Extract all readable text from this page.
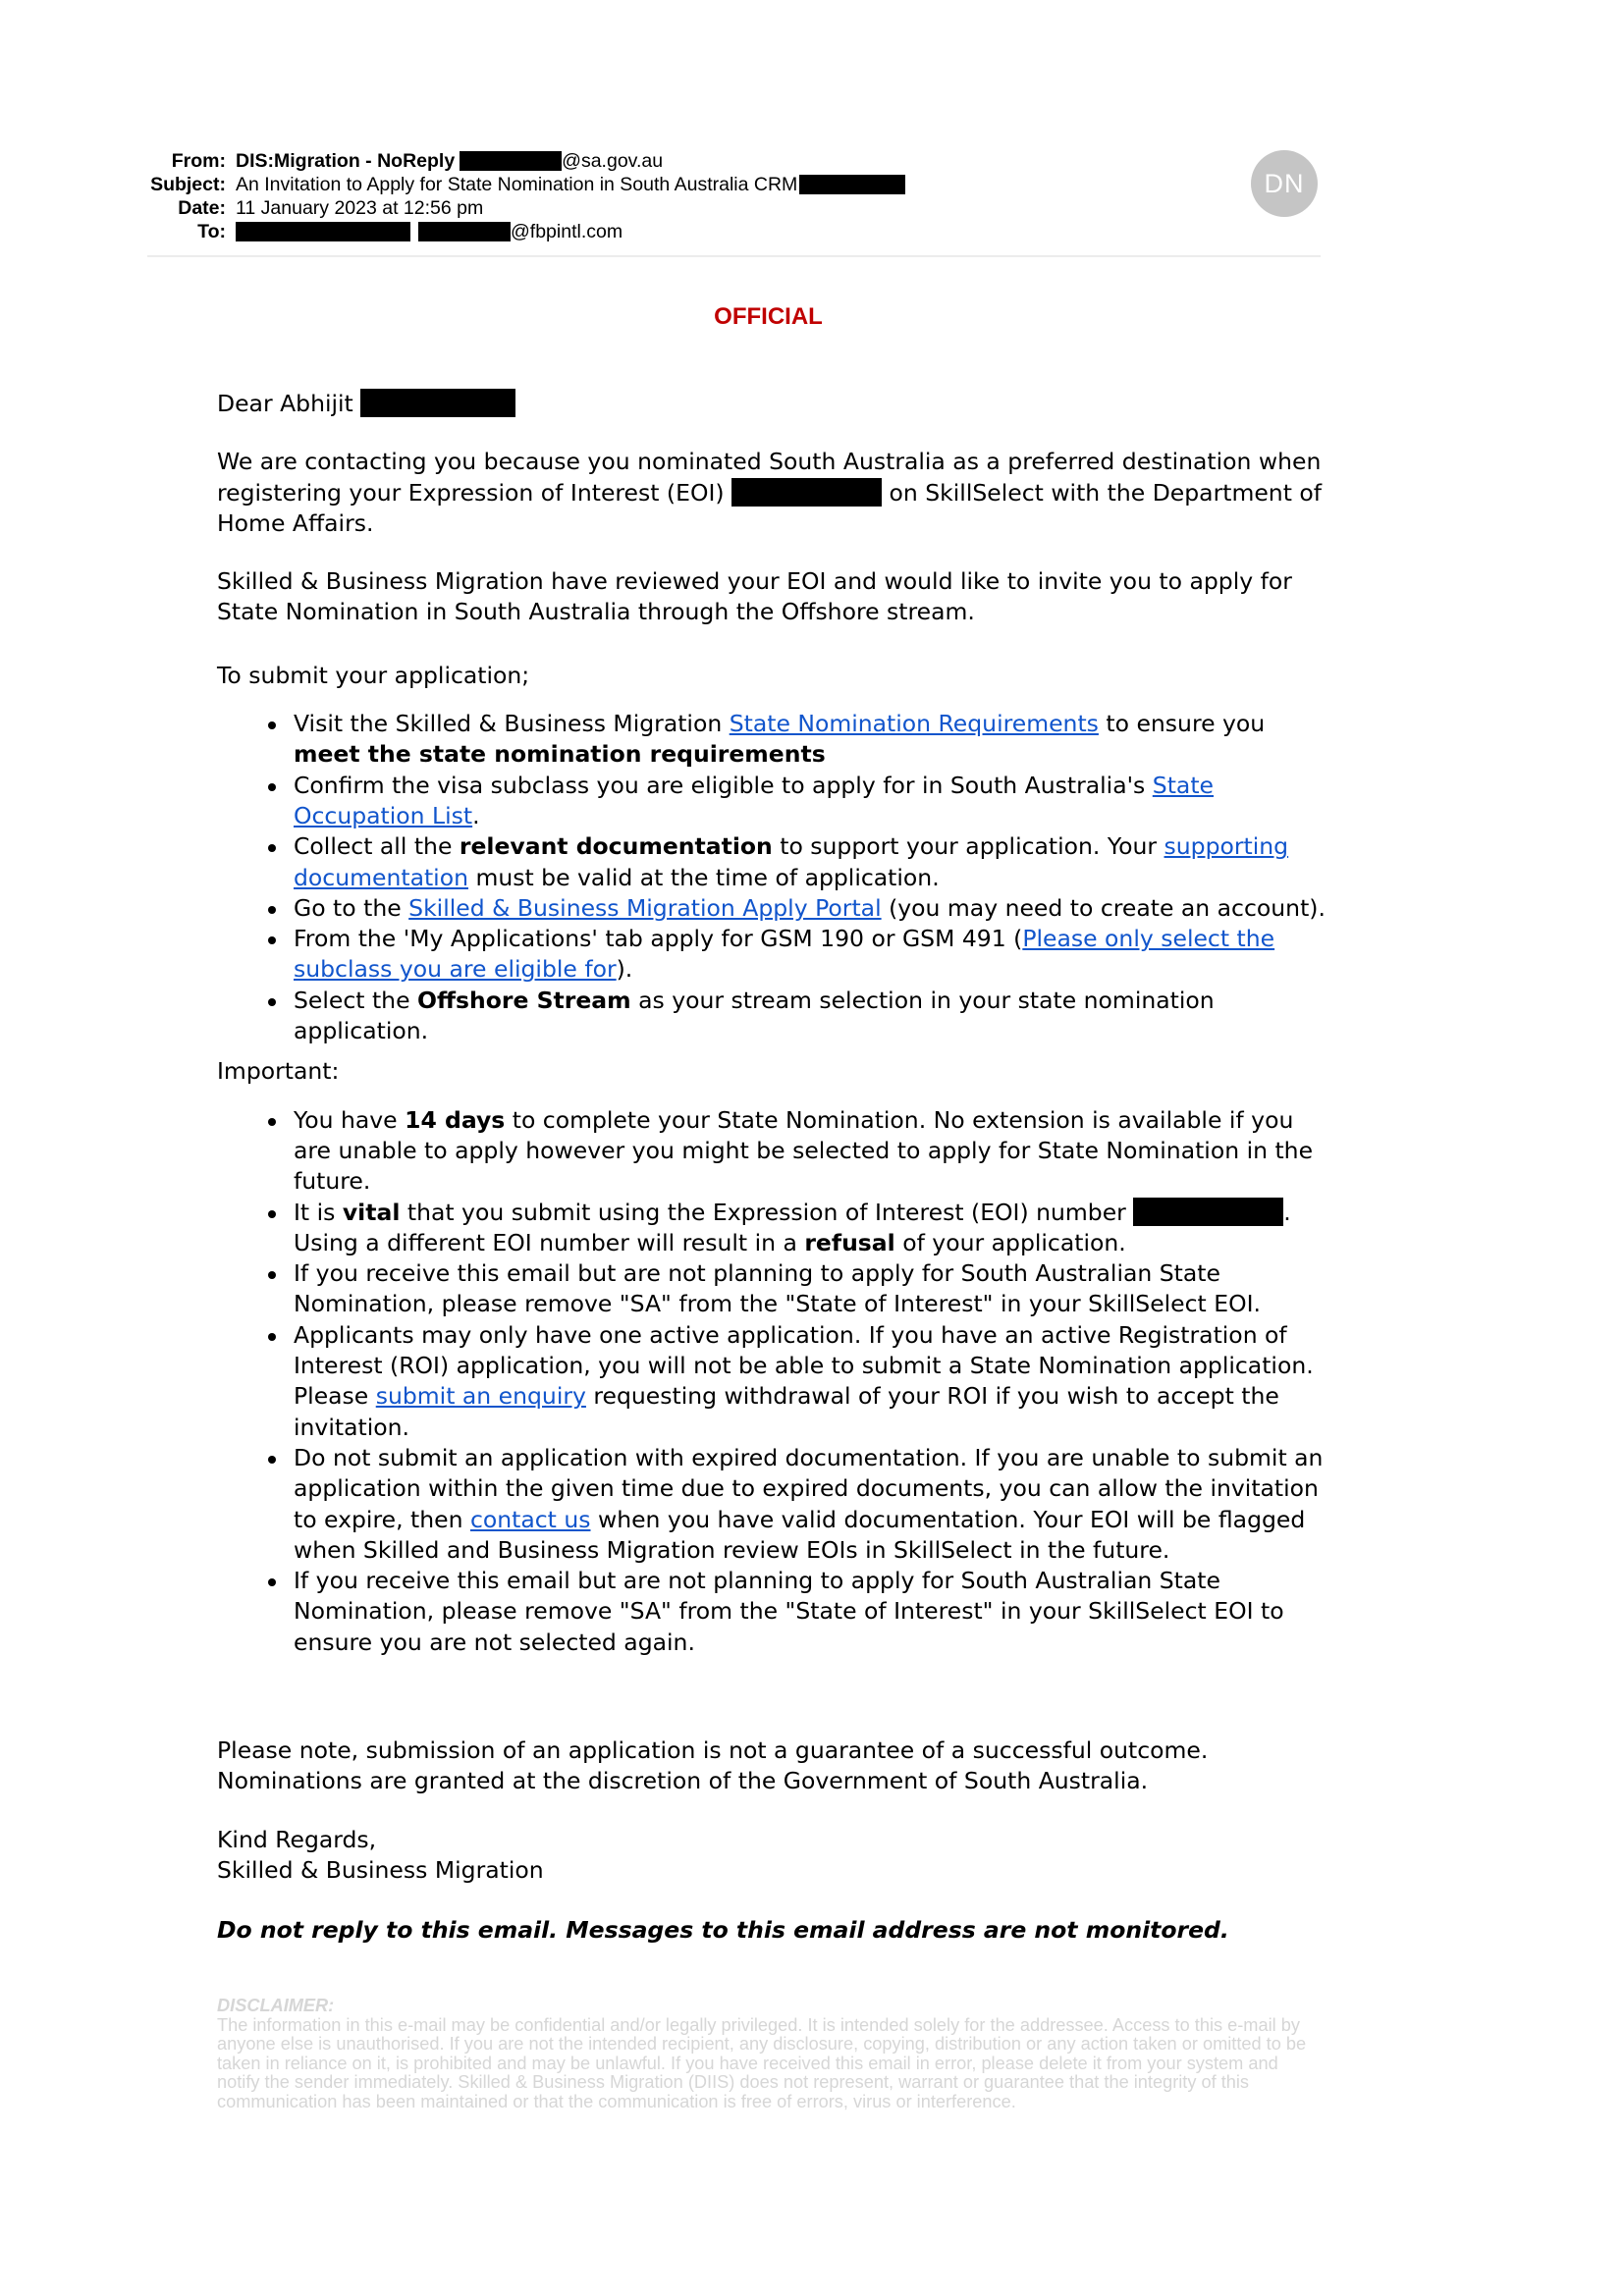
From: DIS:Migration - NoReply	@sa.gov.au
Subject: An Invitation to Apply for State Nomination in South Australia CRM
Date: 11 January 2023 at 12:56 pm
To:	@fbpintl.com
DN
OFFICIAL

Dear Abhijit

We are contacting you because you nominated South Australia as a preferred destination when registering your Expression of Interest (EOI)	on SkillSelect with the Department of Home Affairs.

Skilled & Business Migration have reviewed your EOI and would like to invite you to apply for State Nomination in South Australia through the Offshore stream.

To submit your application;

Visit the Skilled & Business Migration State Nomination Requirements to ensure you meet the state nomination requirements
Confirm the visa subclass you are eligible to apply for in South Australia's State Occupation List.
Collect all the relevant documentation to support your application. Your supporting documentation must be valid at the time of application.
Go to the Skilled & Business Migration Apply Portal (you may need to create an account).
From the 'My Applications' tab apply for GSM 190 or GSM 491 (Please only select the subclass you are eligible for).
Select the Offshore Stream as your stream selection in your state nomination application.

Important:

You have 14 days to complete your State Nomination. No extension is available if you are unable to apply however you might be selected to apply for State Nomination in the future.
It is vital that you submit using the Expression of Interest (EOI) number	. Using a different EOI number will result in a refusal of your application.
If you receive this email but are not planning to apply for South Australian State Nomination, please remove "SA" from the "State of Interest" in your SkillSelect EOI.
Applicants may only have one active application. If you have an active Registration of Interest (ROI) application, you will not be able to submit a State Nomination application. Please submit an enquiry requesting withdrawal of your ROI if you wish to accept the invitation.
Do not submit an application with expired documentation. If you are unable to submit an application within the given time due to expired documents, you can allow the invitation to expire, then contact us when you have valid documentation. Your EOI will be flagged when Skilled and Business Migration review EOIs in SkillSelect in the future.
If you receive this email but are not planning to apply for South Australian State Nomination, please remove "SA" from the "State of Interest" in your SkillSelect EOI to ensure you are not selected again.

Please note, submission of an application is not a guarantee of a successful outcome. Nominations are granted at the discretion of the Government of South Australia.

Kind Regards,

Skilled & Business Migration

Do not reply to this email. Messages to this email address are not monitored.

DISCLAIMER:
The information in this e-mail may be confidential and/or legally privileged. It is intended solely for the addressee. Access to this e-mail by anyone else is unauthorised. If you are not the intended recipient, any disclosure, copying, distribution or any action taken or omitted to be taken in reliance on it, is prohibited and may be unlawful. If you have received this email in error, please delete it from your system and notify the sender immediately. Skilled & Business Migration (DIIS) does not represent, warrant or guarantee that the integrity of this communication has been maintained or that the communication is free of errors, virus or interference.
